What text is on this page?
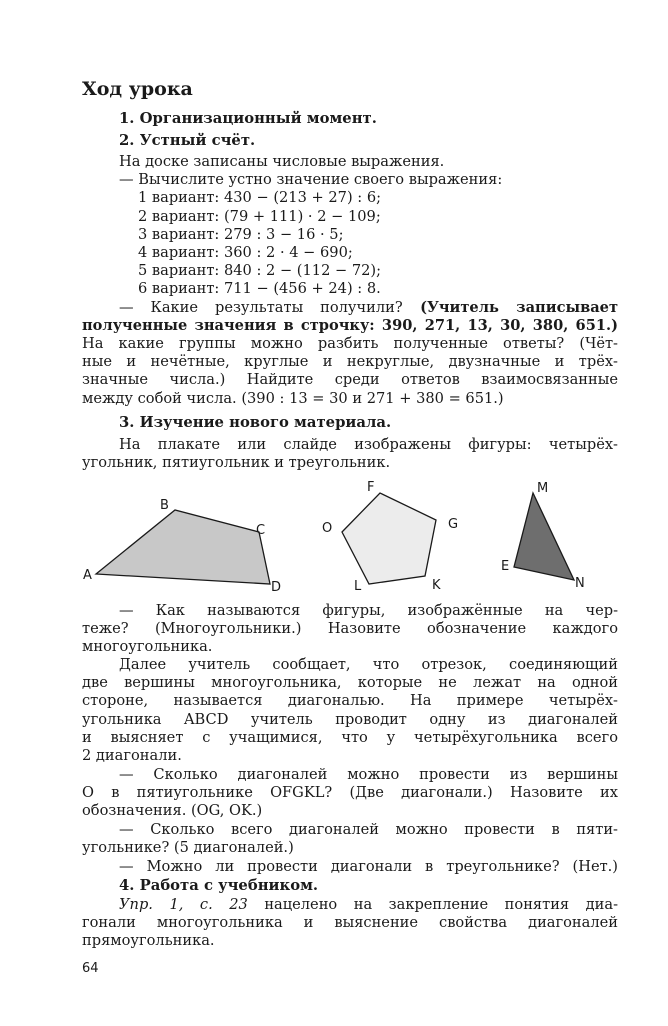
Ход урока

1. Организационный момент.

2. Устный счёт.

На доске записаны числовые выражения.

— Вычислите устно значение своего выражения:

1 вариант: 430 − (213 + 27) : 6;

2 вариант: (79 + 111) · 2 − 109;

3 вариант: 279 : 3 − 16 · 5;

4 вариант: 360 : 2 · 4 − 690;

5 вариант: 840 : 2 − (112 − 72);

6 вариант: 711 − (456 + 24) : 8.

— Какие результаты получили? (Учитель записывает

полученные значения в строчку: 390, 271, 13, 30, 380, 651.)

На какие группы можно разбить полученные ответы? (Чёт-

ные и нечётные, круглые и некруглые, двузначные и трёх-

значные числа.) Найдите среди ответов взаимосвязанные

между собой числа. (390 : 13 = 30 и 271 + 380 = 651.)

3. Изучение нового материала.

На плакате или слайде изображены фигуры: четырёх-

угольник, пятиугольник и треугольник.

A
B
C
D
F
G
K
L
O
M
E
N

— Как называются фигуры, изображённые на чер-

теже? (Многоугольники.) Назовите обозначение каждого

многоугольника.

Далее учитель сообщает, что отрезок, соединяющий

две вершины многоугольника, которые не лежат на одной

стороне, называется диагональю. На примере четырёх-

угольника ABCD учитель проводит одну из диагоналей

и выясняет с учащимися, что у четырёхугольника всего

2 диагонали.

— Сколько диагоналей можно провести из вершины

O в пятиугольнике OFGKL? (Две диагонали.) Назовите их

обозначения. (OG, OK.)

— Сколько всего диагоналей можно провести в пяти-

угольнике? (5 диагоналей.)

— Можно ли провести диагонали в треугольнике? (Нет.)

4. Работа с учебником.

Упр. 1, с. 23 нацелено на закрепление понятия диа-

гонали многоугольника и выяснение свойства диагоналей

прямоугольника.

64
